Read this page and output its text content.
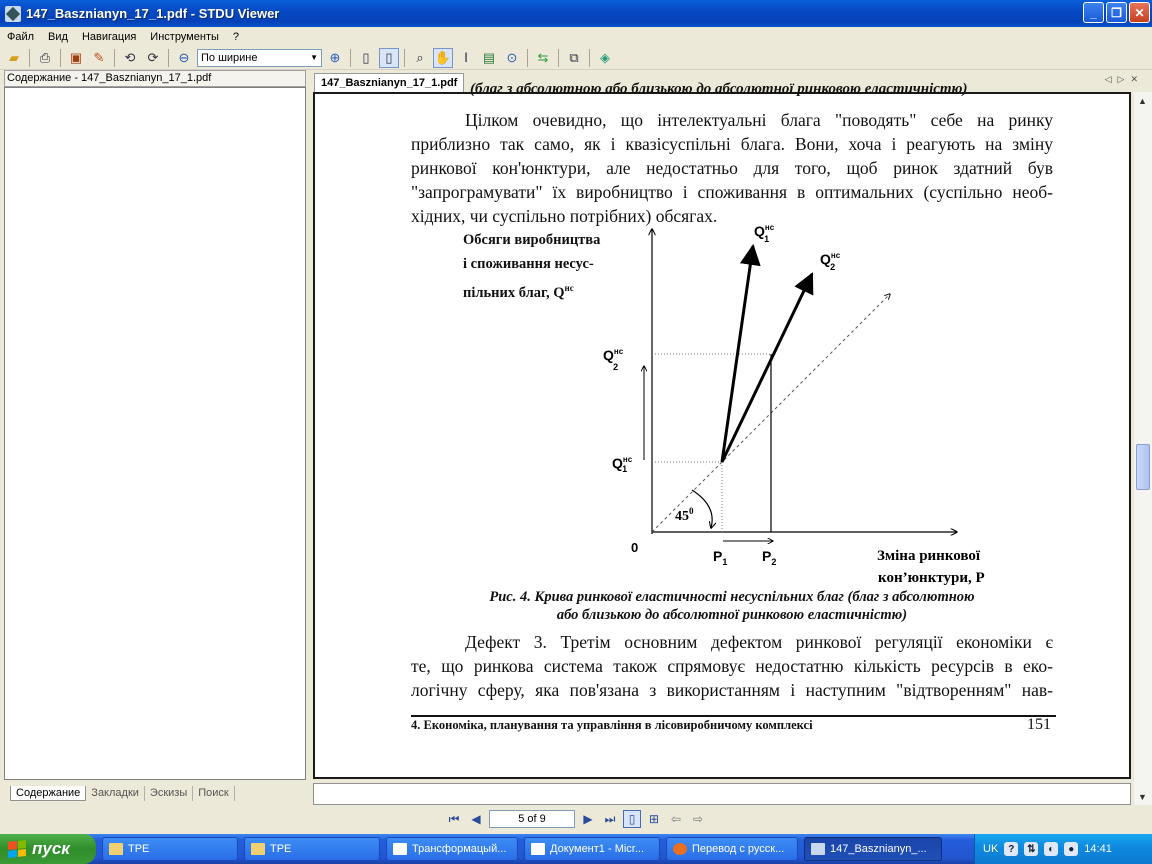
147_Basznianyn_17_1.pdf - STDU Viewer	_	❐	✕
Файл	Вид	Навигация	Инструменты	?
▰	⎙	▣ ✎	⟲ ⟳	⊖	По ширине	▼ ⊕	▯	▯	⌕ ✋ Ⅰ	▤ ⊙	⇆	⧉	◈
Содержание - 147_Basznianyn_17_1.pdf
Содержание	Закладки	Эскизы	Поиск
147_Basznianyn_17_1.pdf	◁▷✕
(благ з абсолютною або близькою до абсолютної ринковою еластичністю)
Цілком очевидно, що інтелектуальні блага "поводять" себе на ринку
приблизно так само, як і квазісуспільні блага. Вони, хоча і реагують на зміну
ринкової кон'юнктури, але недостатньо для того, щоб ринок здатний був
"запрограмувати" їх виробництво і споживання в оптимальних (суспільно необ-
хідних, чи суспільно потрібних) обсягах.
Обсяги виробництва
і споживання несус-
пільних благ, $Q^{нс}$
$Q^{нс}$ 1
$Q^{нс}$ 2
$Q^{нс}$ 2
$Q^{нс}$ 1
$45^0$
0
$P_1$ $P_2$	Зміна ринкової
кон’юнктури, Р
Рис. 4. Крива ринкової еластичності несуспільних благ (благ з абсолютною
або близькою до абсолютної ринковою еластичністю)
Дефект 3. Третім основним дефектом ринкової регуляції економіки є
те, що ринкова система також спрямовує недостатню кількість ресурсів в еко-
логічну сферу, яка пов'язана з використанням і наступним "відтворенням" нав-
4. Економіка, планування та управління в лісовиробничому комплексі	151
▲
▼
⏮ ◀	5 of 9	▶ ⏭	▯	⊞ ⇦ ⇨
пуск	TPE	TPE	Трансформацый...	Документ1 - Micr...	Перевод с русск...	147_Basznianyn_...	UK ?	⇅	◐	● 14:41
